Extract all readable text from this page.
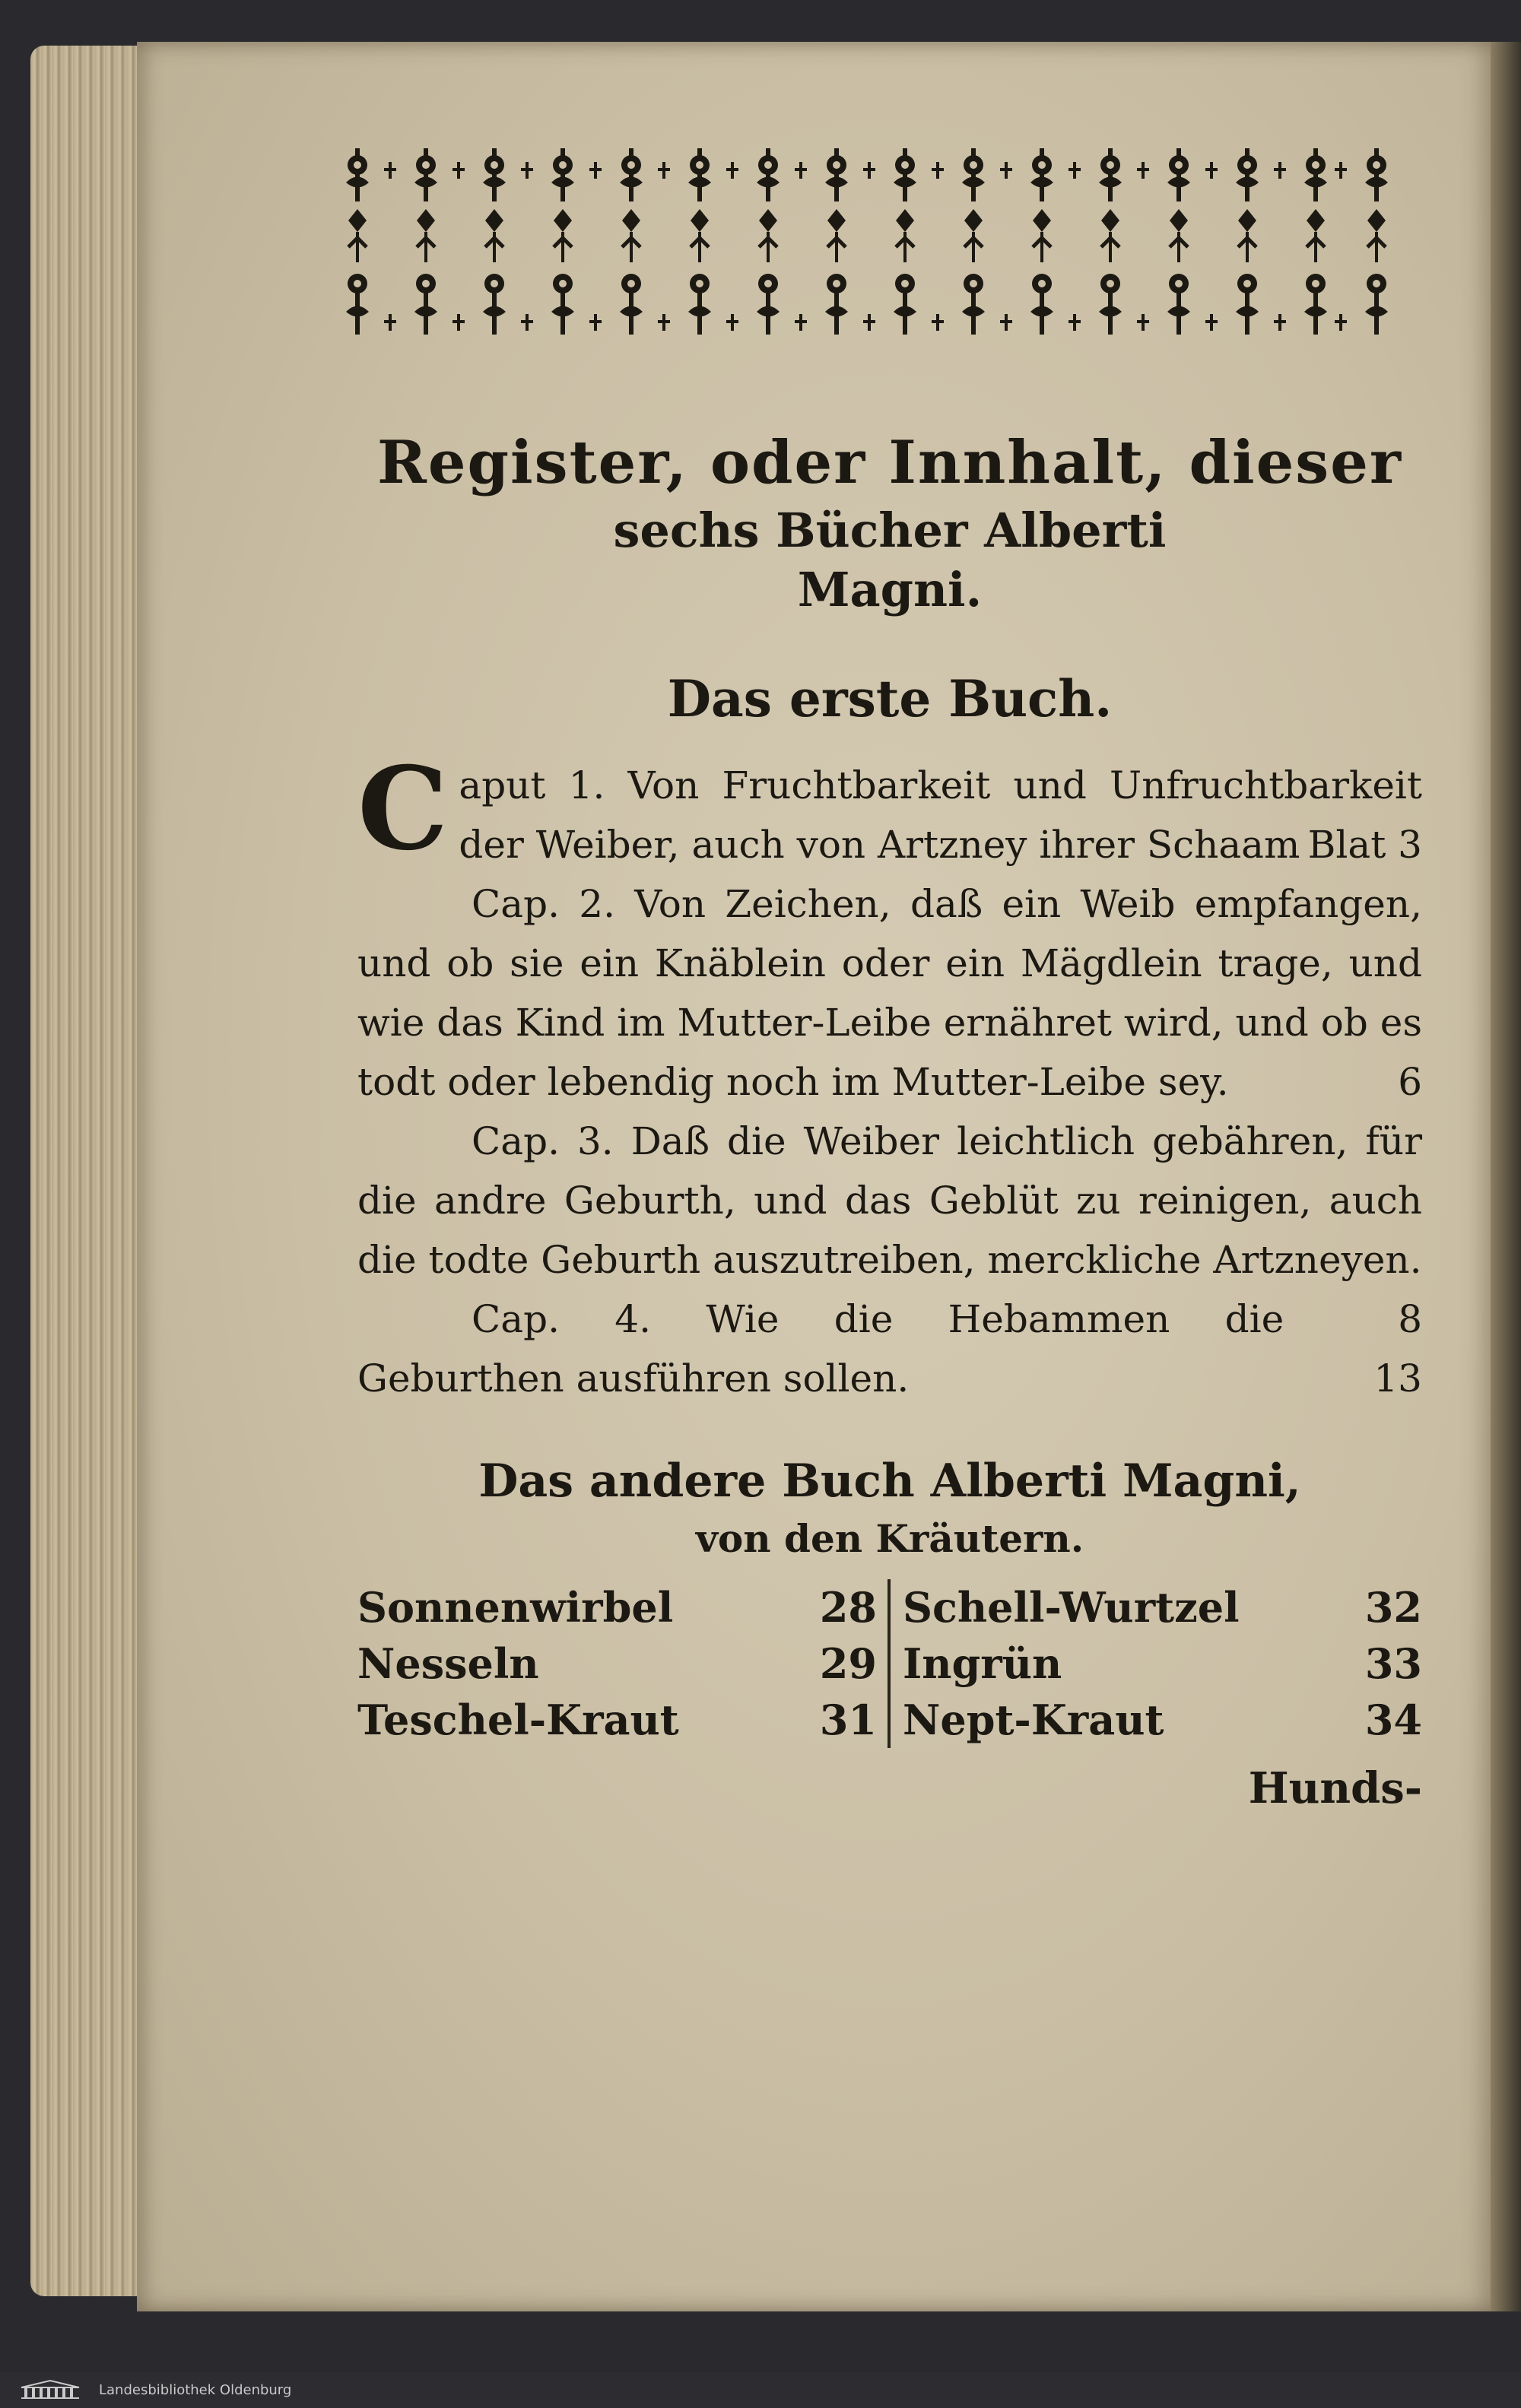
Register, oder Innhalt, dieser

sechs Bücher Alberti

Magni.

Das erste Buch.

C aput 1. Von Fruchtbarkeit und Unfruchtbarkeit der Weiber, auch von Artzney ihrer Schaam Blat 3

Cap. 2. Von Zeichen, daß ein Weib empfangen, und ob sie ein Knäblein oder ein Mägdlein trage, und wie das Kind im Mutter-Leibe ernähret wird, und ob es todt oder lebendig noch im Mutter-Leibe sey.	6

Cap. 3. Daß die Weiber leichtlich gebähren, für die andre Geburth, und das Geblüt zu reinigen, auch die todte Geburth auszutreiben, merckliche Artzneyen.
8

Cap. 4. Wie die Hebammen die Geburthen ausführen sollen.	13

Das andere Buch Alberti Magni,
von den Kräutern.
Sonnenwirbel	28
Nesseln	29
Teschel-Kraut	31
Schell-Wurtzel	32
Ingrün	33
Nept-Kraut	34
Hunds-
Landesbibliothek Oldenburg
